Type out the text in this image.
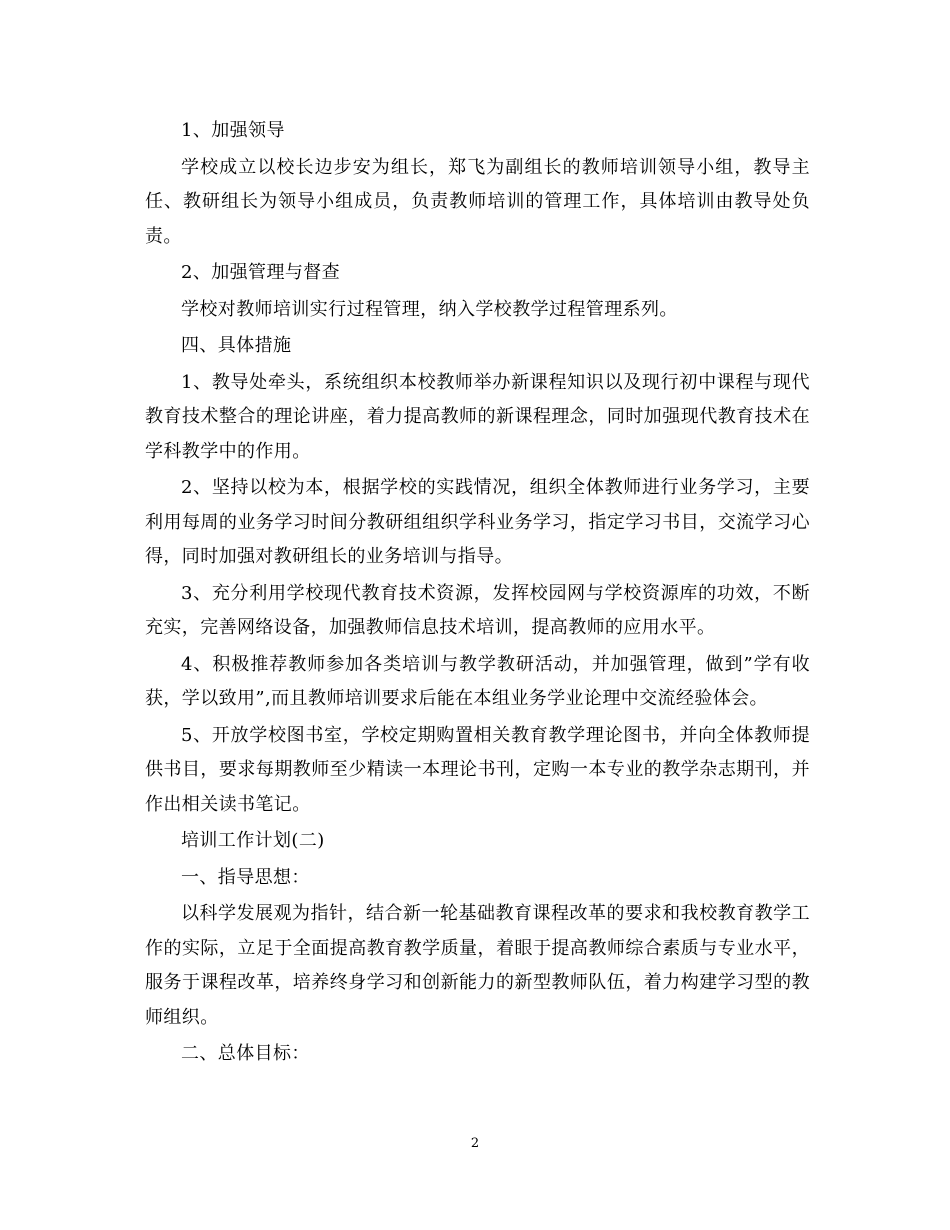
1、加强领导

学校成立以校长边步安为组长，郑飞为副组长的教师培训领导小组，教导主任、教研组长为领导小组成员，负责教师培训的管理工作，具体培训由教导处负责。

2、加强管理与督查

学校对教师培训实行过程管理，纳入学校教学过程管理系列。

四、具体措施

1、教导处牵头，系统组织本校教师举办新课程知识以及现行初中课程与现代教育技术整合的理论讲座，着力提高教师的新课程理念，同时加强现代教育技术在学科教学中的作用。

2、坚持以校为本，根据学校的实践情况，组织全体教师进行业务学习，主要利用每周的业务学习时间分教研组组织学科业务学习，指定学习书目，交流学习心得，同时加强对教研组长的业务培训与指导。

3、充分利用学校现代教育技术资源，发挥校园网与学校资源库的功效，不断充实，完善网络设备，加强教师信息技术培训，提高教师的应用水平。

4、积极推荐教师参加各类培训与教学教研活动，并加强管理，做到”学有收获，学以致用”,而且教师培训要求后能在本组业务学业论理中交流经验体会。

5、开放学校图书室，学校定期购置相关教育教学理论图书，并向全体教师提供书目，要求每期教师至少精读一本理论书刊，定购一本专业的教学杂志期刊，并作出相关读书笔记。

培训工作计划(二)

一、指导思想：

以科学发展观为指针，结合新一轮基础教育课程改革的要求和我校教育教学工作的实际，立足于全面提高教育教学质量，着眼于提高教师综合素质与专业水平，服务于课程改革，培养终身学习和创新能力的新型教师队伍，着力构建学习型的教师组织。

二、总体目标：

2
